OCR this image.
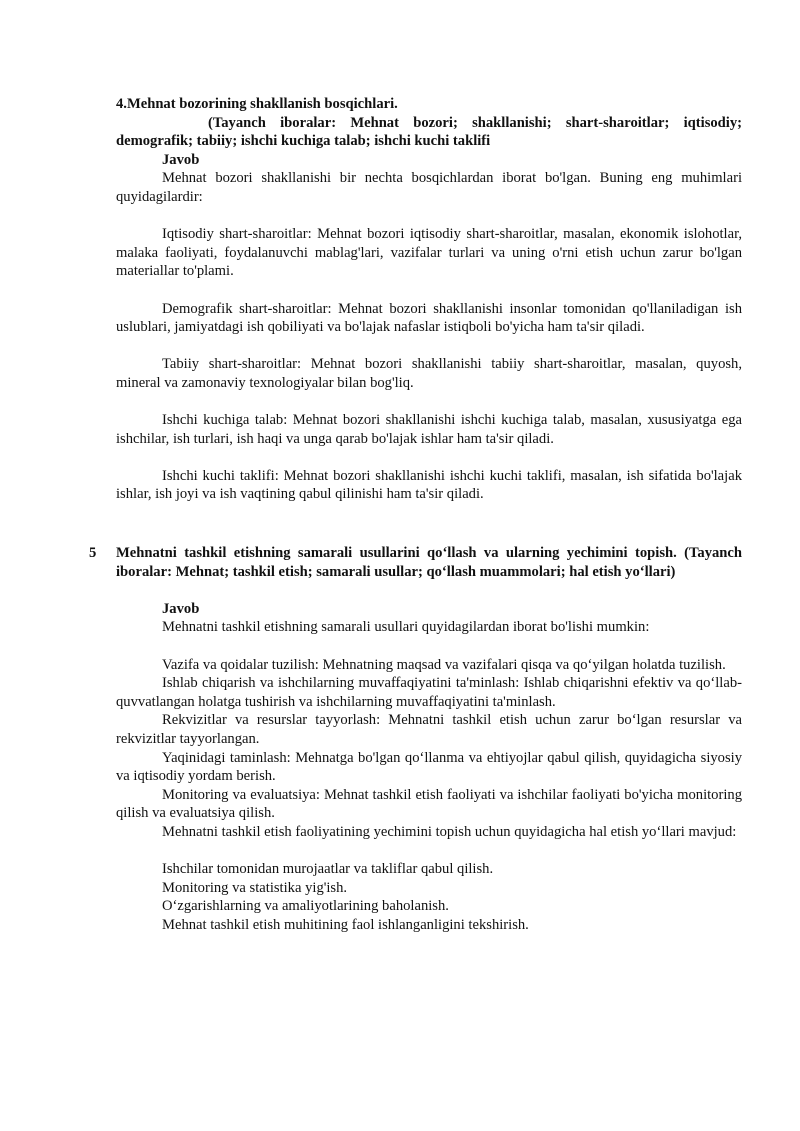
4.Mehnat bozorining shakllanish bosqichlari.

(Tayanch iboralar: Mehnat bozori; shakllanishi; shart-sharoitlar; iqtisodiy; demografik; tabiiy; ishchi kuchiga talab; ishchi kuchi taklifi

Javob

Mehnat bozori shakllanishi bir nechta bosqichlardan iborat bo'lgan. Buning eng muhimlari quyidagilardir:

Iqtisodiy shart-sharoitlar: Mehnat bozori iqtisodiy shart-sharoitlar, masalan, ekonomik islohotlar, malaka faoliyati, foydalanuvchi mablag'lari, vazifalar turlari va uning o'rni etish uchun zarur bo'lgan materiallar to'plami.

Demografik shart-sharoitlar: Mehnat bozori shakllanishi insonlar tomonidan qo'llaniladigan ish uslublari, jamiyatdagi ish qobiliyati va bo'lajak nafaslar istiqboli bo'yicha ham ta'sir qiladi.

Tabiiy shart-sharoitlar: Mehnat bozori shakllanishi tabiiy shart-sharoitlar, masalan, quyosh, mineral va zamonaviy texnologiyalar bilan bog'liq.

Ishchi kuchiga talab: Mehnat bozori shakllanishi ishchi kuchiga talab, masalan, xususiyatga ega ishchilar, ish turlari, ish haqi va unga qarab bo'lajak ishlar ham ta'sir qiladi.

Ishchi kuchi taklifi: Mehnat bozori shakllanishi ishchi kuchi taklifi, masalan, ish sifatida bo'lajak ishlar, ish joyi va ish vaqtining qabul qilinishi ham ta'sir qiladi.

5 Mehnatni tashkil etishning samarali usullarini qo‘llash va ularning yechimini topish. (Tayanch iboralar: Mehnat; tashkil etish; samarali usullar; qo‘llash muammolari; hal etish yo‘llari)

Javob

Mehnatni tashkil etishning samarali usullari quyidagilardan iborat bo'lishi mumkin:

Vazifa va qoidalar tuzilish: Mehnatning maqsad va vazifalari qisqa va qo‘yilgan holatda tuzilish.

Ishlab chiqarish va ishchilarning muvaffaqiyatini ta'minlash: Ishlab chiqarishni efektiv va qo‘llab-quvvatlangan holatga tushirish va ishchilarning muvaffaqiyatini ta'minlash.

Rekvizitlar va resurslar tayyorlash: Mehnatni tashkil etish uchun zarur bo‘lgan resurslar va rekvizitlar tayyorlangan.

Yaqinidagi taminlash: Mehnatga bo'lgan qo‘llanma va ehtiyojlar qabul qilish, quyidagicha siyosiy va iqtisodiy yordam berish.

Monitoring va evaluatsiya: Mehnat tashkil etish faoliyati va ishchilar faoliyati bo'yicha monitoring qilish va evaluatsiya qilish.

Mehnatni tashkil etish faoliyatining yechimini topish uchun quyidagicha hal etish yo‘llari mavjud:

Ishchilar tomonidan murojaatlar va takliflar qabul qilish.

Monitoring va statistika yig'ish.

O‘zgarishlarning va amaliyotlarining baholanish.

Mehnat tashkil etish muhitining faol ishlanganligini tekshirish.
